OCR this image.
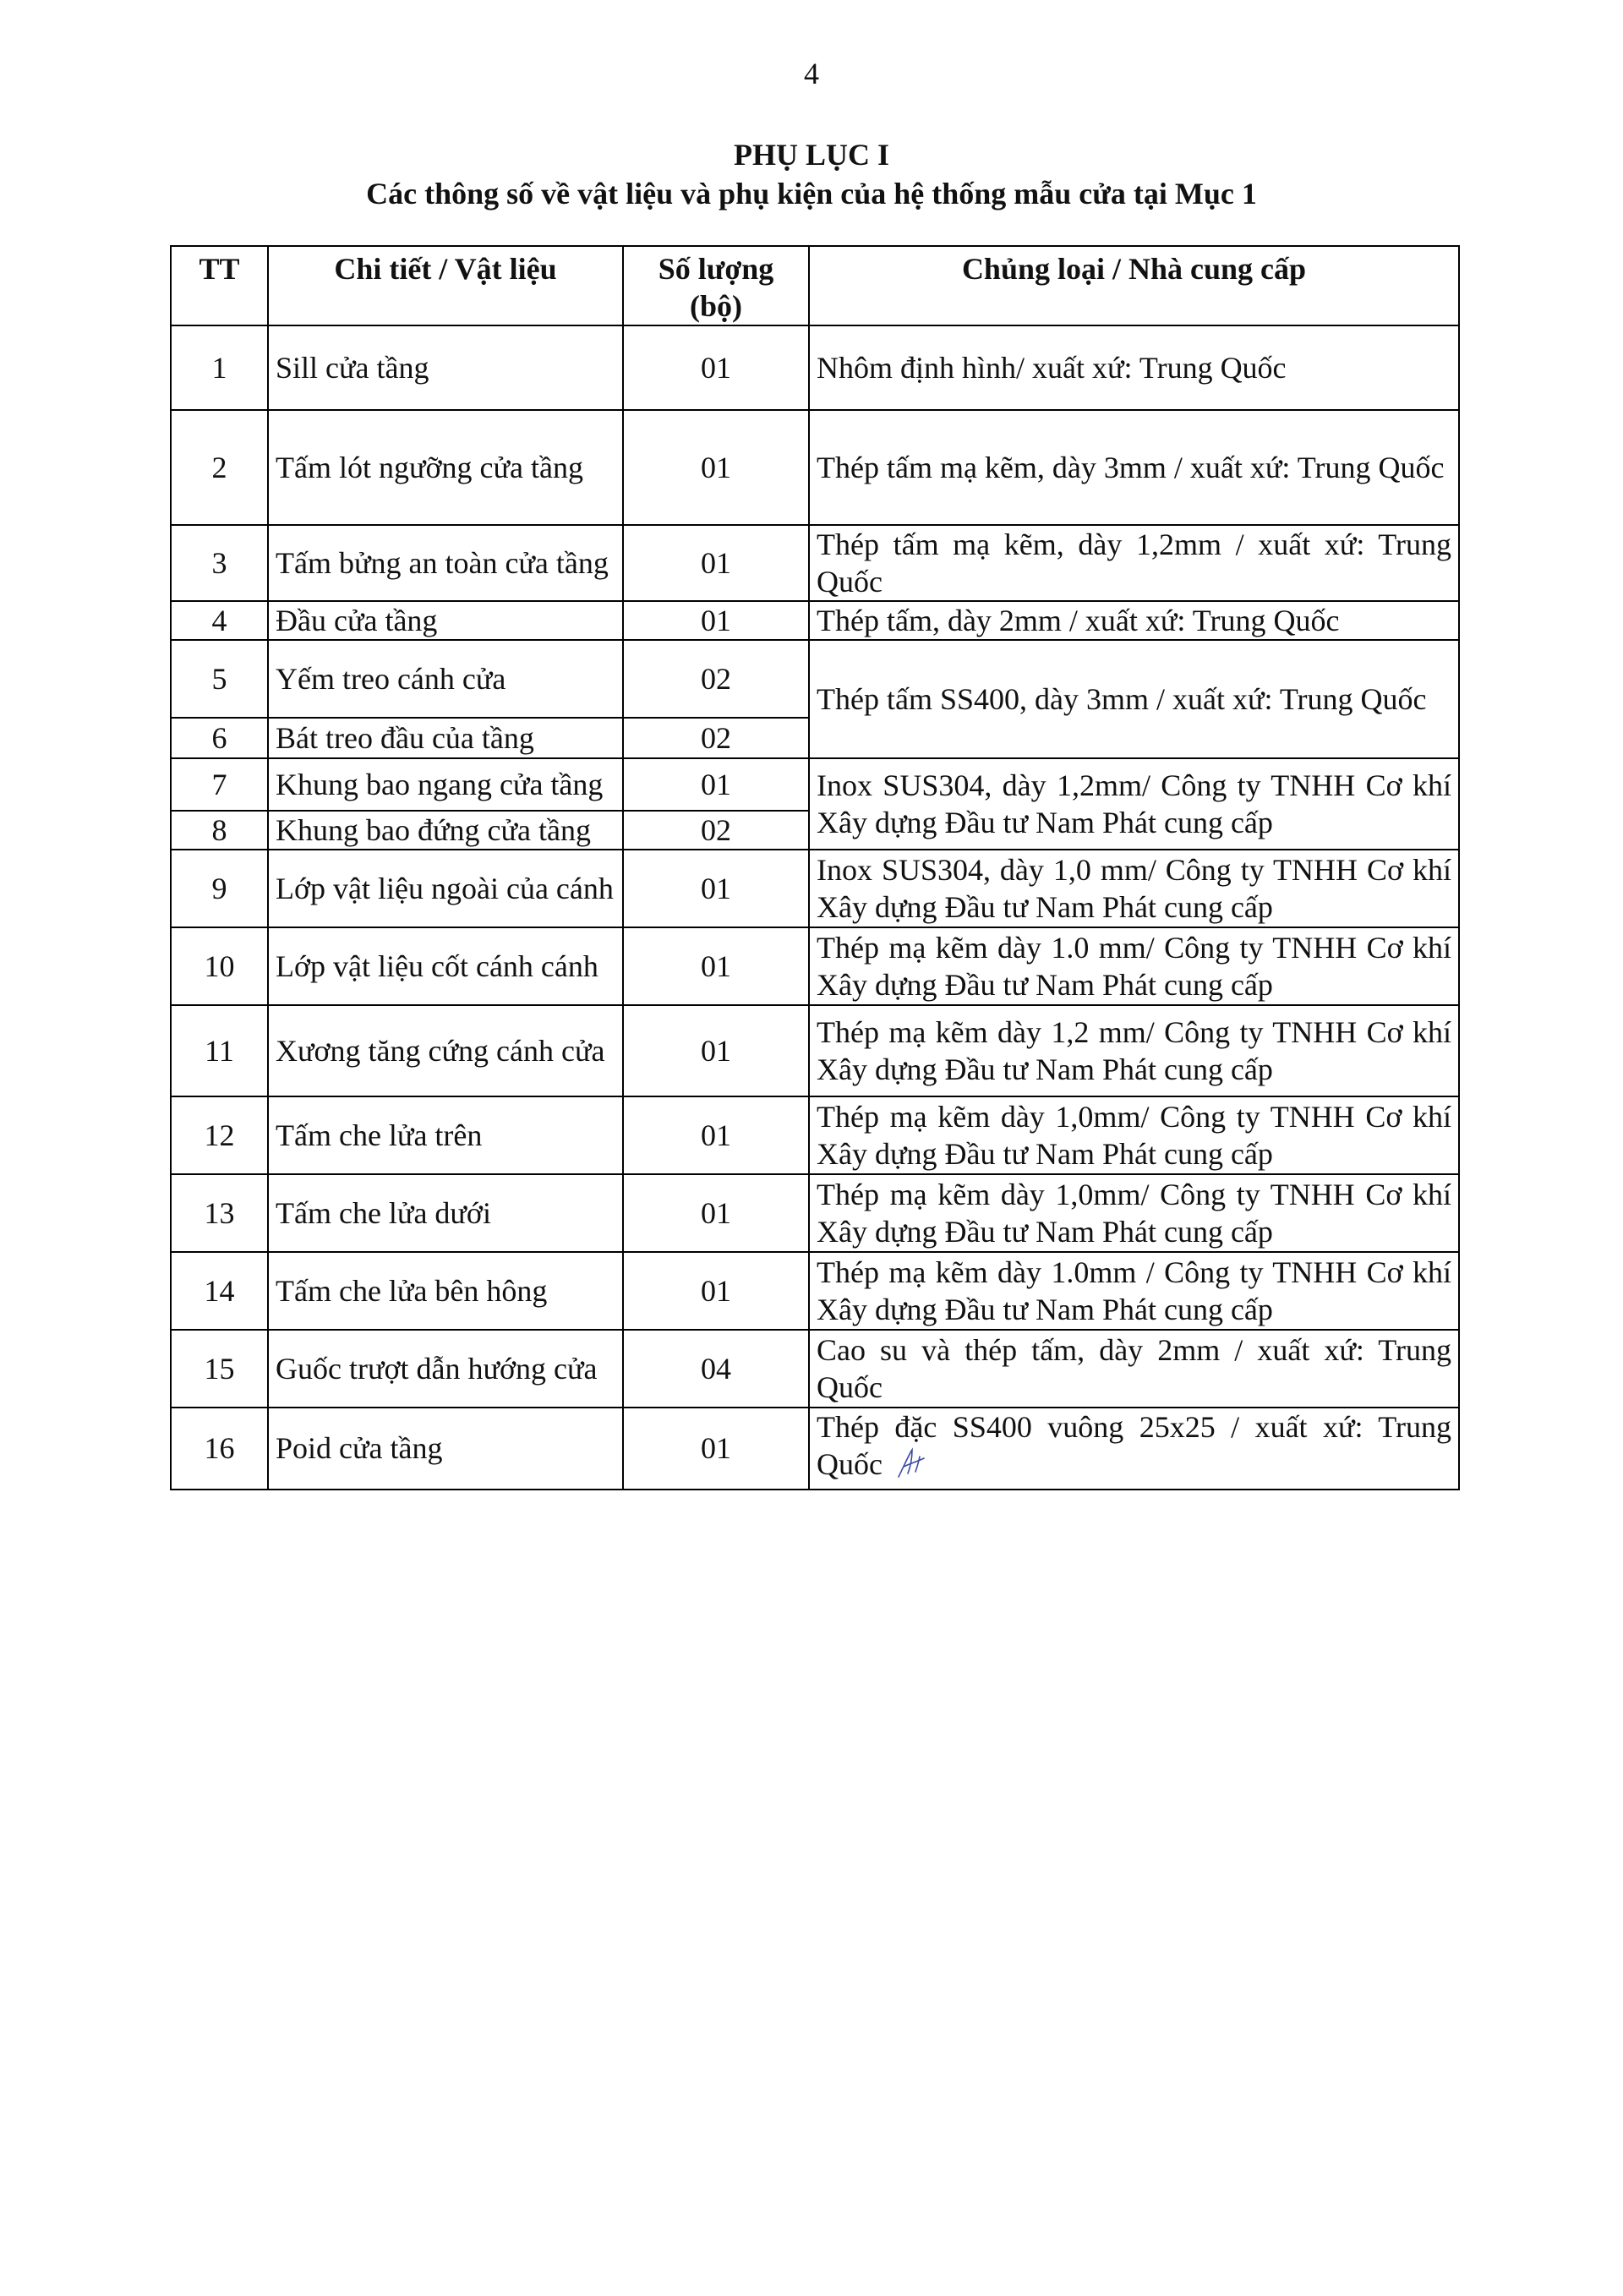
4
PHỤ LỤC I
Các thông số về vật liệu và phụ kiện của hệ thống mẫu cửa tại Mục 1
TT	Chi tiết / Vật liệu	Số lượng (bộ)	Chủng loại / Nhà cung cấp
1	Sill cửa tầng	01	Nhôm định hình/ xuất xứ: Trung Quốc
2	Tấm lót ngưỡng cửa tầng	01	Thép tấm mạ kẽm, dày 3mm / xuất xứ: Trung Quốc
3	Tấm bửng an toàn cửa tầng	01	Thép tấm mạ kẽm, dày 1,2mm / xuất xứ: Trung Quốc
4	Đầu cửa tầng	01	Thép tấm, dày 2mm / xuất xứ: Trung Quốc
5	Yếm treo cánh cửa	02	Thép tấm SS400, dày 3mm / xuất xứ: Trung Quốc
6	Bát treo đầu của tầng	02	
7	Khung bao ngang cửa tầng	01	Inox SUS304, dày 1,2mm/ Công ty TNHH Cơ khí Xây dựng Đầu tư Nam Phát cung cấp
8	Khung bao đứng cửa tầng	02	
9	Lớp vật liệu ngoài của cánh	01	Inox SUS304, dày 1,0 mm/ Công ty TNHH Cơ khí Xây dựng Đầu tư Nam Phát cung cấp
10	Lớp vật liệu cốt cánh cánh	01	Thép mạ kẽm dày 1.0 mm/ Công ty TNHH Cơ khí Xây dựng Đầu tư Nam Phát cung cấp
11	Xương tăng cứng cánh cửa	01	Thép mạ kẽm dày 1,2 mm/ Công ty TNHH Cơ khí Xây dựng Đầu tư Nam Phát cung cấp
12	Tấm che lửa trên	01	Thép mạ kẽm dày 1,0mm/ Công ty TNHH Cơ khí Xây dựng Đầu tư Nam Phát cung cấp
13	Tấm che lửa dưới	01	Thép mạ kẽm dày 1,0mm/ Công ty TNHH Cơ khí Xây dựng Đầu tư Nam Phát cung cấp
14	Tấm che lửa bên hông	01	Thép mạ kẽm dày 1.0mm / Công ty TNHH Cơ khí Xây dựng Đầu tư Nam Phát cung cấp
15	Guốc trượt dẫn hướng cửa	04	Cao su và thép tấm, dày 2mm / xuất xứ: Trung Quốc
16	Poid cửa tầng	01	Thép đặc SS400 vuông 25x25 / xuất xứ: Trung Quốc
